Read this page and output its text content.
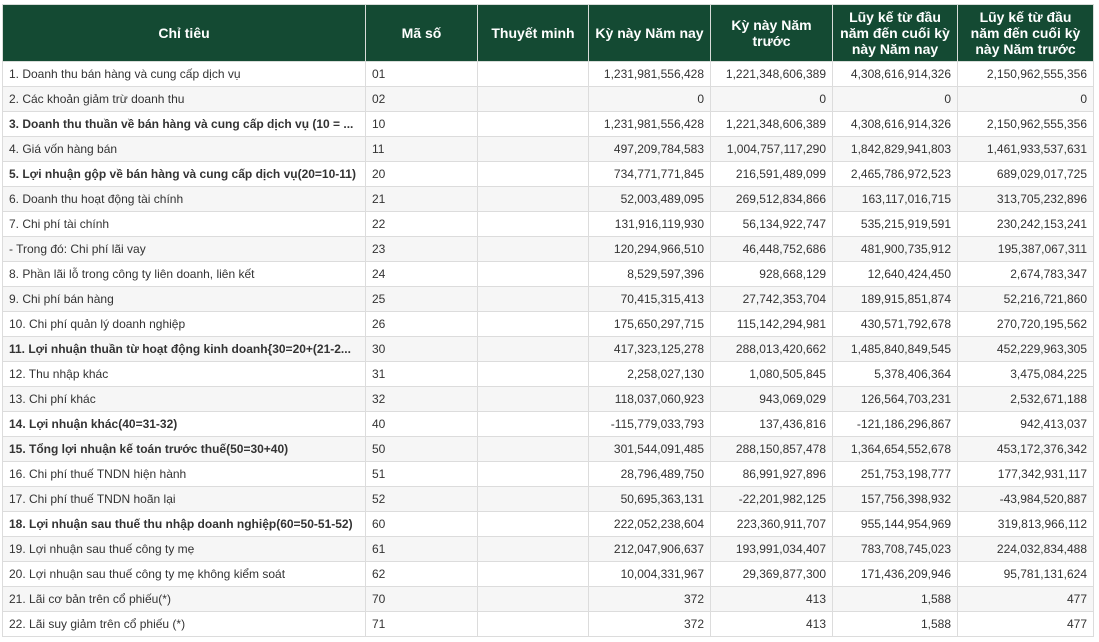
Chỉ tiêu	Mã số	Thuyết minh	Kỳ này Năm nay	Kỳ này Năm trước	Lũy kế từ đầu năm đến cuối kỳ này Năm nay	Lũy kế từ đầu năm đến cuối kỳ này Năm trước
1. Doanh thu bán hàng và cung cấp dịch vụ	01		1,231,981,556,428	1,221,348,606,389	4,308,616,914,326	2,150,962,555,356
2. Các khoản giảm trừ doanh thu	02		0	0	0	0
3. Doanh thu thuần về bán hàng và cung cấp dịch vụ (10 = ...	10		1,231,981,556,428	1,221,348,606,389	4,308,616,914,326	2,150,962,555,356
4. Giá vốn hàng bán	11		497,209,784,583	1,004,757,117,290	1,842,829,941,803	1,461,933,537,631
5. Lợi nhuận gộp về bán hàng và cung cấp dịch vụ(20=10-11)	20		734,771,771,845	216,591,489,099	2,465,786,972,523	689,029,017,725
6. Doanh thu hoạt động tài chính	21		52,003,489,095	269,512,834,866	163,117,016,715	313,705,232,896
7. Chi phí tài chính	22		131,916,119,930	56,134,922,747	535,215,919,591	230,242,153,241
- Trong đó: Chi phí lãi vay	23		120,294,966,510	46,448,752,686	481,900,735,912	195,387,067,311
8. Phần lãi lỗ trong công ty liên doanh, liên kết	24		8,529,597,396	928,668,129	12,640,424,450	2,674,783,347
9. Chi phí bán hàng	25		70,415,315,413	27,742,353,704	189,915,851,874	52,216,721,860
10. Chi phí quản lý doanh nghiệp	26		175,650,297,715	115,142,294,981	430,571,792,678	270,720,195,562
11. Lợi nhuận thuần từ hoạt động kinh doanh{30=20+(21-2...	30		417,323,125,278	288,013,420,662	1,485,840,849,545	452,229,963,305
12. Thu nhập khác	31		2,258,027,130	1,080,505,845	5,378,406,364	3,475,084,225
13. Chi phí khác	32		118,037,060,923	943,069,029	126,564,703,231	2,532,671,188
14. Lợi nhuận khác(40=31-32)	40		-115,779,033,793	137,436,816	-121,186,296,867	942,413,037
15. Tổng lợi nhuận kế toán trước thuế(50=30+40)	50		301,544,091,485	288,150,857,478	1,364,654,552,678	453,172,376,342
16. Chi phí thuế TNDN hiện hành	51		28,796,489,750	86,991,927,896	251,753,198,777	177,342,931,117
17. Chi phí thuế TNDN hoãn lại	52		50,695,363,131	-22,201,982,125	157,756,398,932	-43,984,520,887
18. Lợi nhuận sau thuế thu nhập doanh nghiệp(60=50-51-52)	60		222,052,238,604	223,360,911,707	955,144,954,969	319,813,966,112
19. Lợi nhuận sau thuế công ty mẹ	61		212,047,906,637	193,991,034,407	783,708,745,023	224,032,834,488
20. Lợi nhuận sau thuế công ty mẹ không kiểm soát	62		10,004,331,967	29,369,877,300	171,436,209,946	95,781,131,624
21. Lãi cơ bản trên cổ phiếu(*)	70		372	413	1,588	477
22. Lãi suy giảm trên cổ phiếu (*)	71		372	413	1,588	477
